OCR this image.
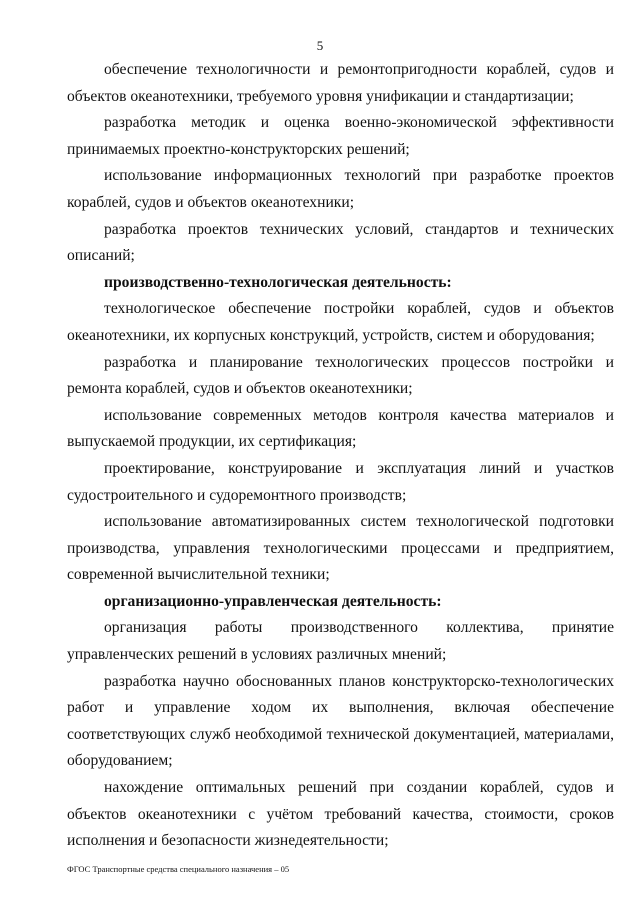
5

обеспечение технологичности и ремонтопригодности кораблей, судов и объектов океанотехники, требуемого уровня унификации и стандартизации;

разработка методик и оценка военно-экономической эффективности принимаемых проектно-конструкторских решений;

использование информационных технологий при разработке проектов кораблей, судов и объектов океанотехники;

разработка проектов технических условий, стандартов и технических описаний;

производственно-технологическая деятельность:

технологическое обеспечение постройки кораблей, судов и объектов океанотехники, их корпусных конструкций, устройств, систем и оборудования;

разработка и планирование технологических процессов постройки и ремонта кораблей, судов и объектов океанотехники;

использование современных методов контроля качества материалов и выпускаемой продукции, их сертификация;

проектирование, конструирование и эксплуатация линий и участков судостроительного и судоремонтного производств;

использование автоматизированных систем технологической подготовки производства, управления технологическими процессами и предприятием, современной вычислительной техники;

организационно-управленческая деятельность:

организация работы производственного коллектива, принятие управленческих решений в условиях различных мнений;

разработка научно обоснованных планов конструкторско-технологических работ и управление ходом их выполнения, включая обеспечение соответствующих служб необходимой технической документацией, материалами, оборудованием;

нахождение оптимальных решений при создании кораблей, судов и объектов океанотехники с учётом требований качества, стоимости, сроков исполнения и безопасности жизнедеятельности;

ФГОС Транспортные средства специального назначения – 05
